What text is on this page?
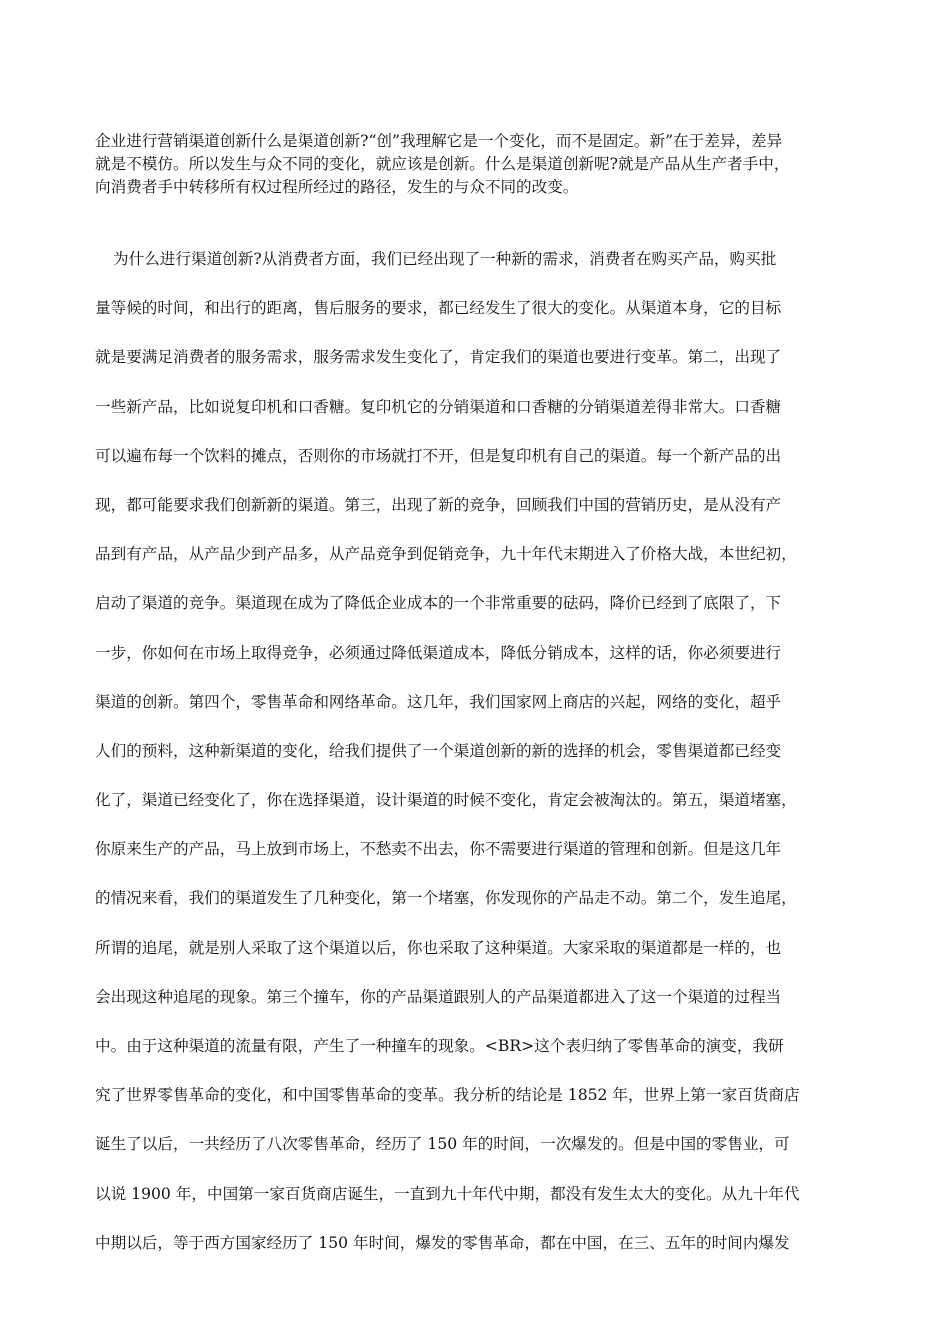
企业进行营销渠道创新什么是渠道创新?“创”我理解它是一个变化，而不是固定。新”在于差异，差异
就是不模仿。所以发生与众不同的变化，就应该是创新。什么是渠道创新呢?就是产品从生产者手中，
向消费者手中转移所有权过程所经过的路径，发生的与众不同的改变。
为什么进行渠道创新?从消费者方面，我们已经出现了一种新的需求，消费者在购买产品，购买批
量等候的时间，和出行的距离，售后服务的要求，都已经发生了很大的变化。从渠道本身，它的目标
就是要满足消费者的服务需求，服务需求发生变化了，肯定我们的渠道也要进行变革。第二，出现了
一些新产品，比如说复印机和口香糖。复印机它的分销渠道和口香糖的分销渠道差得非常大。口香糖
可以遍布每一个饮料的摊点，否则你的市场就打不开，但是复印机有自己的渠道。每一个新产品的出
现，都可能要求我们创新新的渠道。第三，出现了新的竞争，回顾我们中国的营销历史，是从没有产
品到有产品，从产品少到产品多，从产品竞争到促销竞争，九十年代末期进入了价格大战，本世纪初，
启动了渠道的竞争。渠道现在成为了降低企业成本的一个非常重要的砝码，降价已经到了底限了，下
一步，你如何在市场上取得竞争，必须通过降低渠道成本，降低分销成本，这样的话，你必须要进行
渠道的创新。第四个，零售革命和网络革命。这几年，我们国家网上商店的兴起，网络的变化，超乎
人们的预料，这种新渠道的变化，给我们提供了一个渠道创新的新的选择的机会，零售渠道都已经变
化了，渠道已经变化了，你在选择渠道，设计渠道的时候不变化，肯定会被淘汰的。第五，渠道堵塞，
你原来生产的产品，马上放到市场上，不愁卖不出去，你不需要进行渠道的管理和创新。但是这几年
的情况来看，我们的渠道发生了几种变化，第一个堵塞，你发现你的产品走不动。第二个，发生追尾，
所谓的追尾，就是别人采取了这个渠道以后，你也采取了这种渠道。大家采取的渠道都是一样的，也
会出现这种追尾的现象。第三个撞车，你的产品渠道跟别人的产品渠道都进入了这一个渠道的过程当
中。由于这种渠道的流量有限，产生了一种撞车的现象。<BR>这个表归纳了零售革命的演变，我研
究了世界零售革命的变化，和中国零售革命的变革。我分析的结论是 1852 年，世界上第一家百货商店
诞生了以后，一共经历了八次零售革命，经历了 150 年的时间，一次爆发的。但是中国的零售业，可
以说 1900 年，中国第一家百货商店诞生，一直到九十年代中期，都没有发生太大的变化。从九十年代
中期以后，等于西方国家经历了 150 年时间，爆发的零售革命，都在中国，在三、五年的时间内爆发
